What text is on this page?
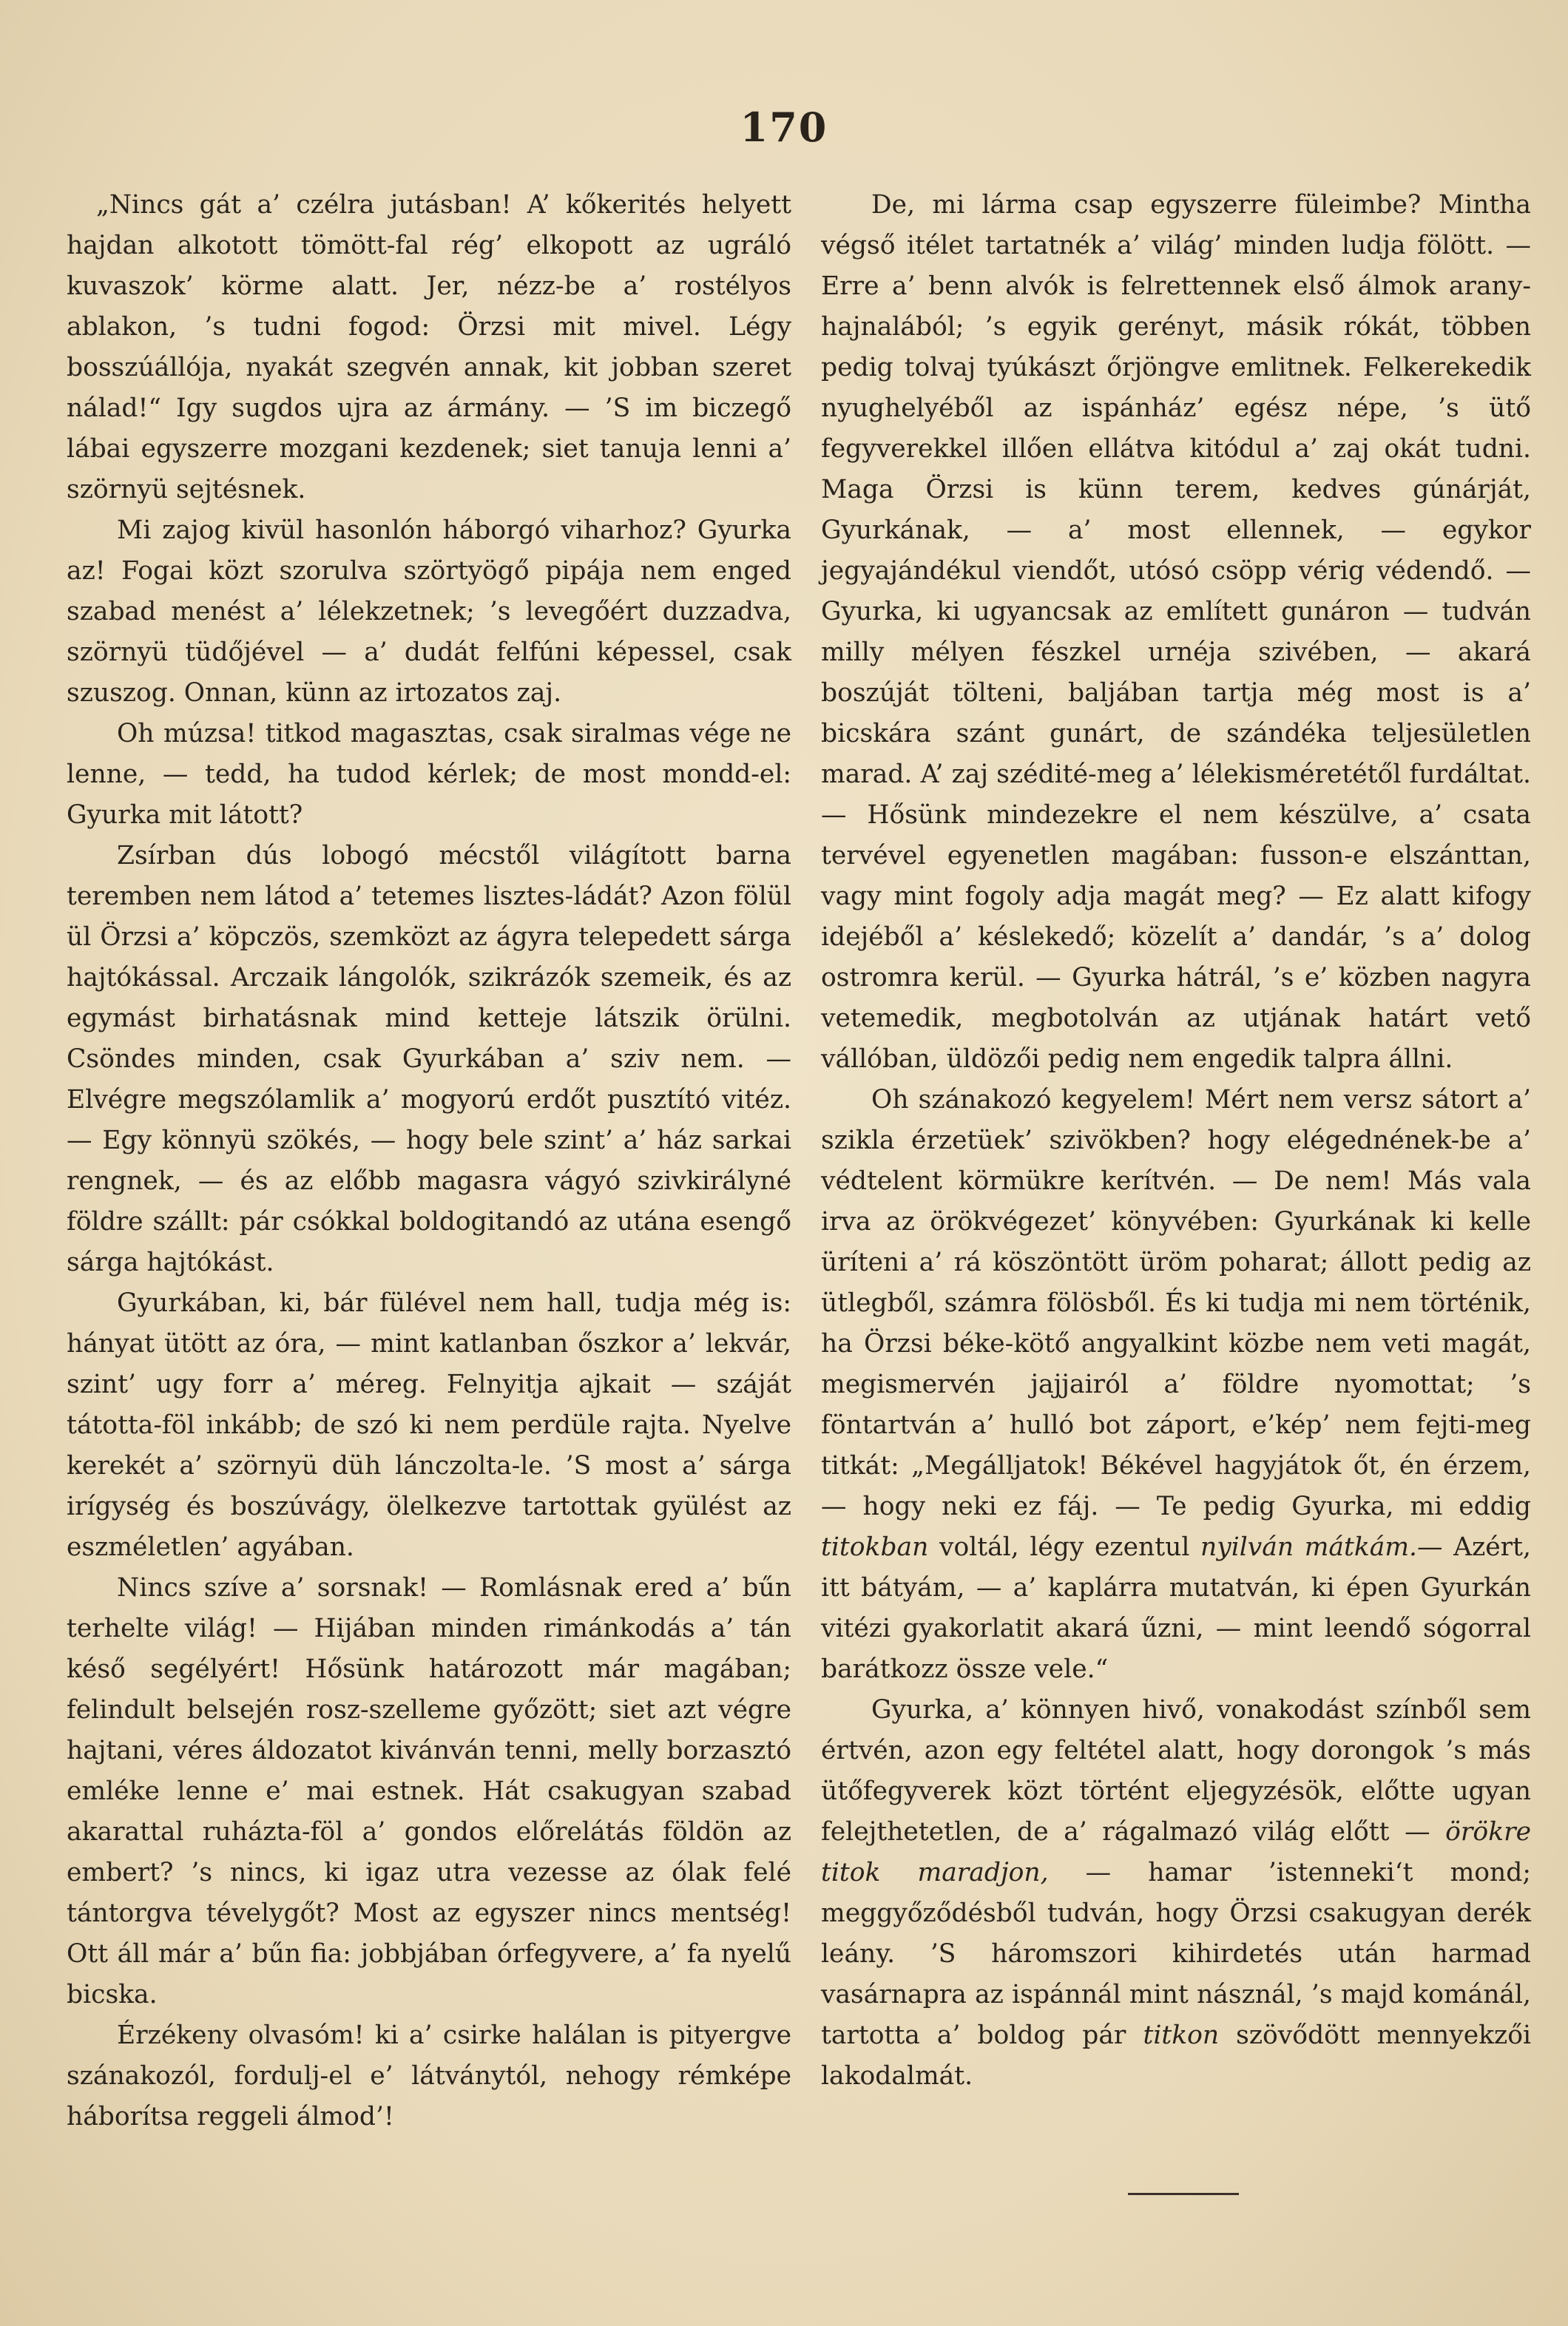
170

„Nincs gát a’ czélra jutásban! A’ kőkerités helyett hajdan alkotott tömött-fal rég’ elkopott az ugráló kuvaszok’ körme alatt. Jer, nézz-be a’ rostélyos ablakon, ’s tudni fogod: Örzsi mit mivel. Légy bosszúállója, nyakát szegvén annak, kit jobban szeret nálad!“ Igy sugdos ujra az ármány. — ’S im biczegő lábai egyszerre mozgani kezdenek; siet tanuja lenni a’ szörnyü sejtésnek.

Mi zajog kivül hasonlón háborgó viharhoz? Gyurka az! Fogai közt szorulva szörtyögő pipája nem enged szabad menést a’ lélekzetnek; ’s levegőért duzzadva, szörnyü tüdőjével — a’ dudát felfúni képessel, csak szuszog. Onnan, künn az irtozatos zaj.

Oh múzsa! titkod magasztas, csak siralmas vége ne lenne, — tedd, ha tudod kérlek; de most mondd-el: Gyurka mit látott?

Zsírban dús lobogó mécstől világított barna teremben nem látod a’ tetemes lisztes-ládát? Azon fölül ül Örzsi a’ köpczös, szemközt az ágyra telepedett sárga hajtókással. Arczaik lángolók, szikrázók szemeik, és az egymást birhatásnak mind ketteje látszik örülni. Csöndes minden, csak Gyurkában a’ sziv nem. — Elvégre megszólamlik a’ mogyorú erdőt pusztító vitéz. — Egy könnyü szökés, — hogy bele szint’ a’ ház sarkai rengnek, — és az előbb magasra vágyó szivkirályné földre szállt: pár csókkal boldogitandó az utána esengő sárga hajtókást.

Gyurkában, ki, bár fülével nem hall, tudja még is: hányat ütött az óra, — mint katlanban őszkor a’ lekvár, szint’ ugy forr a’ méreg. Felnyitja ajkait — száját tátotta-föl inkább; de szó ki nem perdüle rajta. Nyelve kerekét a’ szörnyü düh lánczolta-le. ’S most a’ sárga irígység és boszúvágy, ölelkezve tartottak gyülést az eszméletlen’ agyában.

Nincs szíve a’ sorsnak! — Romlásnak ered a’ bűn terhelte világ! — Hijában minden rimánkodás a’ tán késő segélyért! Hősünk határozott már magában; felindult belsején rosz-szelleme győzött; siet azt végre hajtani, véres áldozatot kivánván tenni, melly borzasztó emléke lenne e’ mai estnek. Hát csakugyan szabad akarattal ruházta-föl a’ gondos előrelátás földön az embert? ’s nincs, ki igaz utra vezesse az ólak felé tántorgva tévelygőt? Most az egyszer nincs mentség! Ott áll már a’ bűn fia: jobbjában órfegyvere, a’ fa nyelű bicska.

Érzékeny olvasóm! ki a’ csirke halálan is pityergve szánakozól, fordulj-el e’ látványtól, nehogy rémképe háborítsa reggeli álmod’!

De, mi lárma csap egyszerre füleimbe? Mintha végső itélet tartatnék a’ világ’ minden ludja fölött. — Erre a’ benn alvók is felrettennek első álmok arany-hajnalából; ’s egyik gerényt, másik rókát, többen pedig tolvaj tyúkászt őrjöngve emlitnek. Felkerekedik nyughelyéből az ispánház’ egész népe, ’s ütő fegyverekkel illően ellátva kitódul a’ zaj okát tudni. Maga Örzsi is künn terem, kedves gúnárját, Gyurkának, — a’ most ellennek, — egykor jegyajándékul viendőt, utósó csöpp vérig védendő. — Gyurka, ki ugyancsak az említett gunáron — tudván milly mélyen fészkel urnéja szivében, — akará boszúját tölteni, baljában tartja még most is a’ bicskára szánt gunárt, de szándéka teljesületlen marad. A’ zaj szédité-meg a’ lélekisméretétől furdáltat. — Hősünk mindezekre el nem készülve, a’ csata tervével egyenetlen magában: fusson-e elszánttan, vagy mint fogoly adja magát meg? — Ez alatt kifogy idejéből a’ késlekedő; közelít a’ dandár, ’s a’ dolog ostromra kerül. — Gyurka hátrál, ’s e’ közben nagyra vetemedik, megbotolván az utjának határt vető vállóban, üldözői pedig nem engedik talpra állni.

Oh szánakozó kegyelem! Mért nem versz sátort a’ szikla érzetüek’ szivökben? hogy elégednének-be a’ védtelent körmükre kerítvén. — De nem! Más vala irva az örökvégezet’ könyvében: Gyurkának ki kelle üríteni a’ rá köszöntött üröm poharat; állott pedig az ütlegből, számra fölösből. És ki tudja mi nem történik, ha Örzsi béke-kötő angyalkint közbe nem veti magát, megismervén jajjairól a’ földre nyomottat; ’s föntartván a’ hulló bot záport, e’kép’ nem fejti-meg titkát: „Megálljatok! Békével hagyjátok őt, én érzem, — hogy neki ez fáj. — Te pedig Gyurka, mi eddig titokban voltál, légy ezentul nyilván mátkám.— Azért, itt bátyám, — a’ kaplárra mutatván, ki épen Gyurkán vitézi gyakorlatit akará űzni, — mint leendő sógorral barátkozz össze vele.“

Gyurka, a’ könnyen hivő, vonakodást színből sem értvén, azon egy feltétel alatt, hogy dorongok ’s más ütőfegyverek közt történt eljegyzésök, előtte ugyan felejthetetlen, de a’ rágalmazó világ előtt — örökre titok maradjon, — hamar ’istenneki‘t mond; meggyőződésből tudván, hogy Örzsi csakugyan derék leány. ’S háromszori kihirdetés után harmad vasárnapra az ispánnál mint násznál, ’s majd kománál, tartotta a’ boldog pár titkon szövődött mennyekzői lakodalmát.
